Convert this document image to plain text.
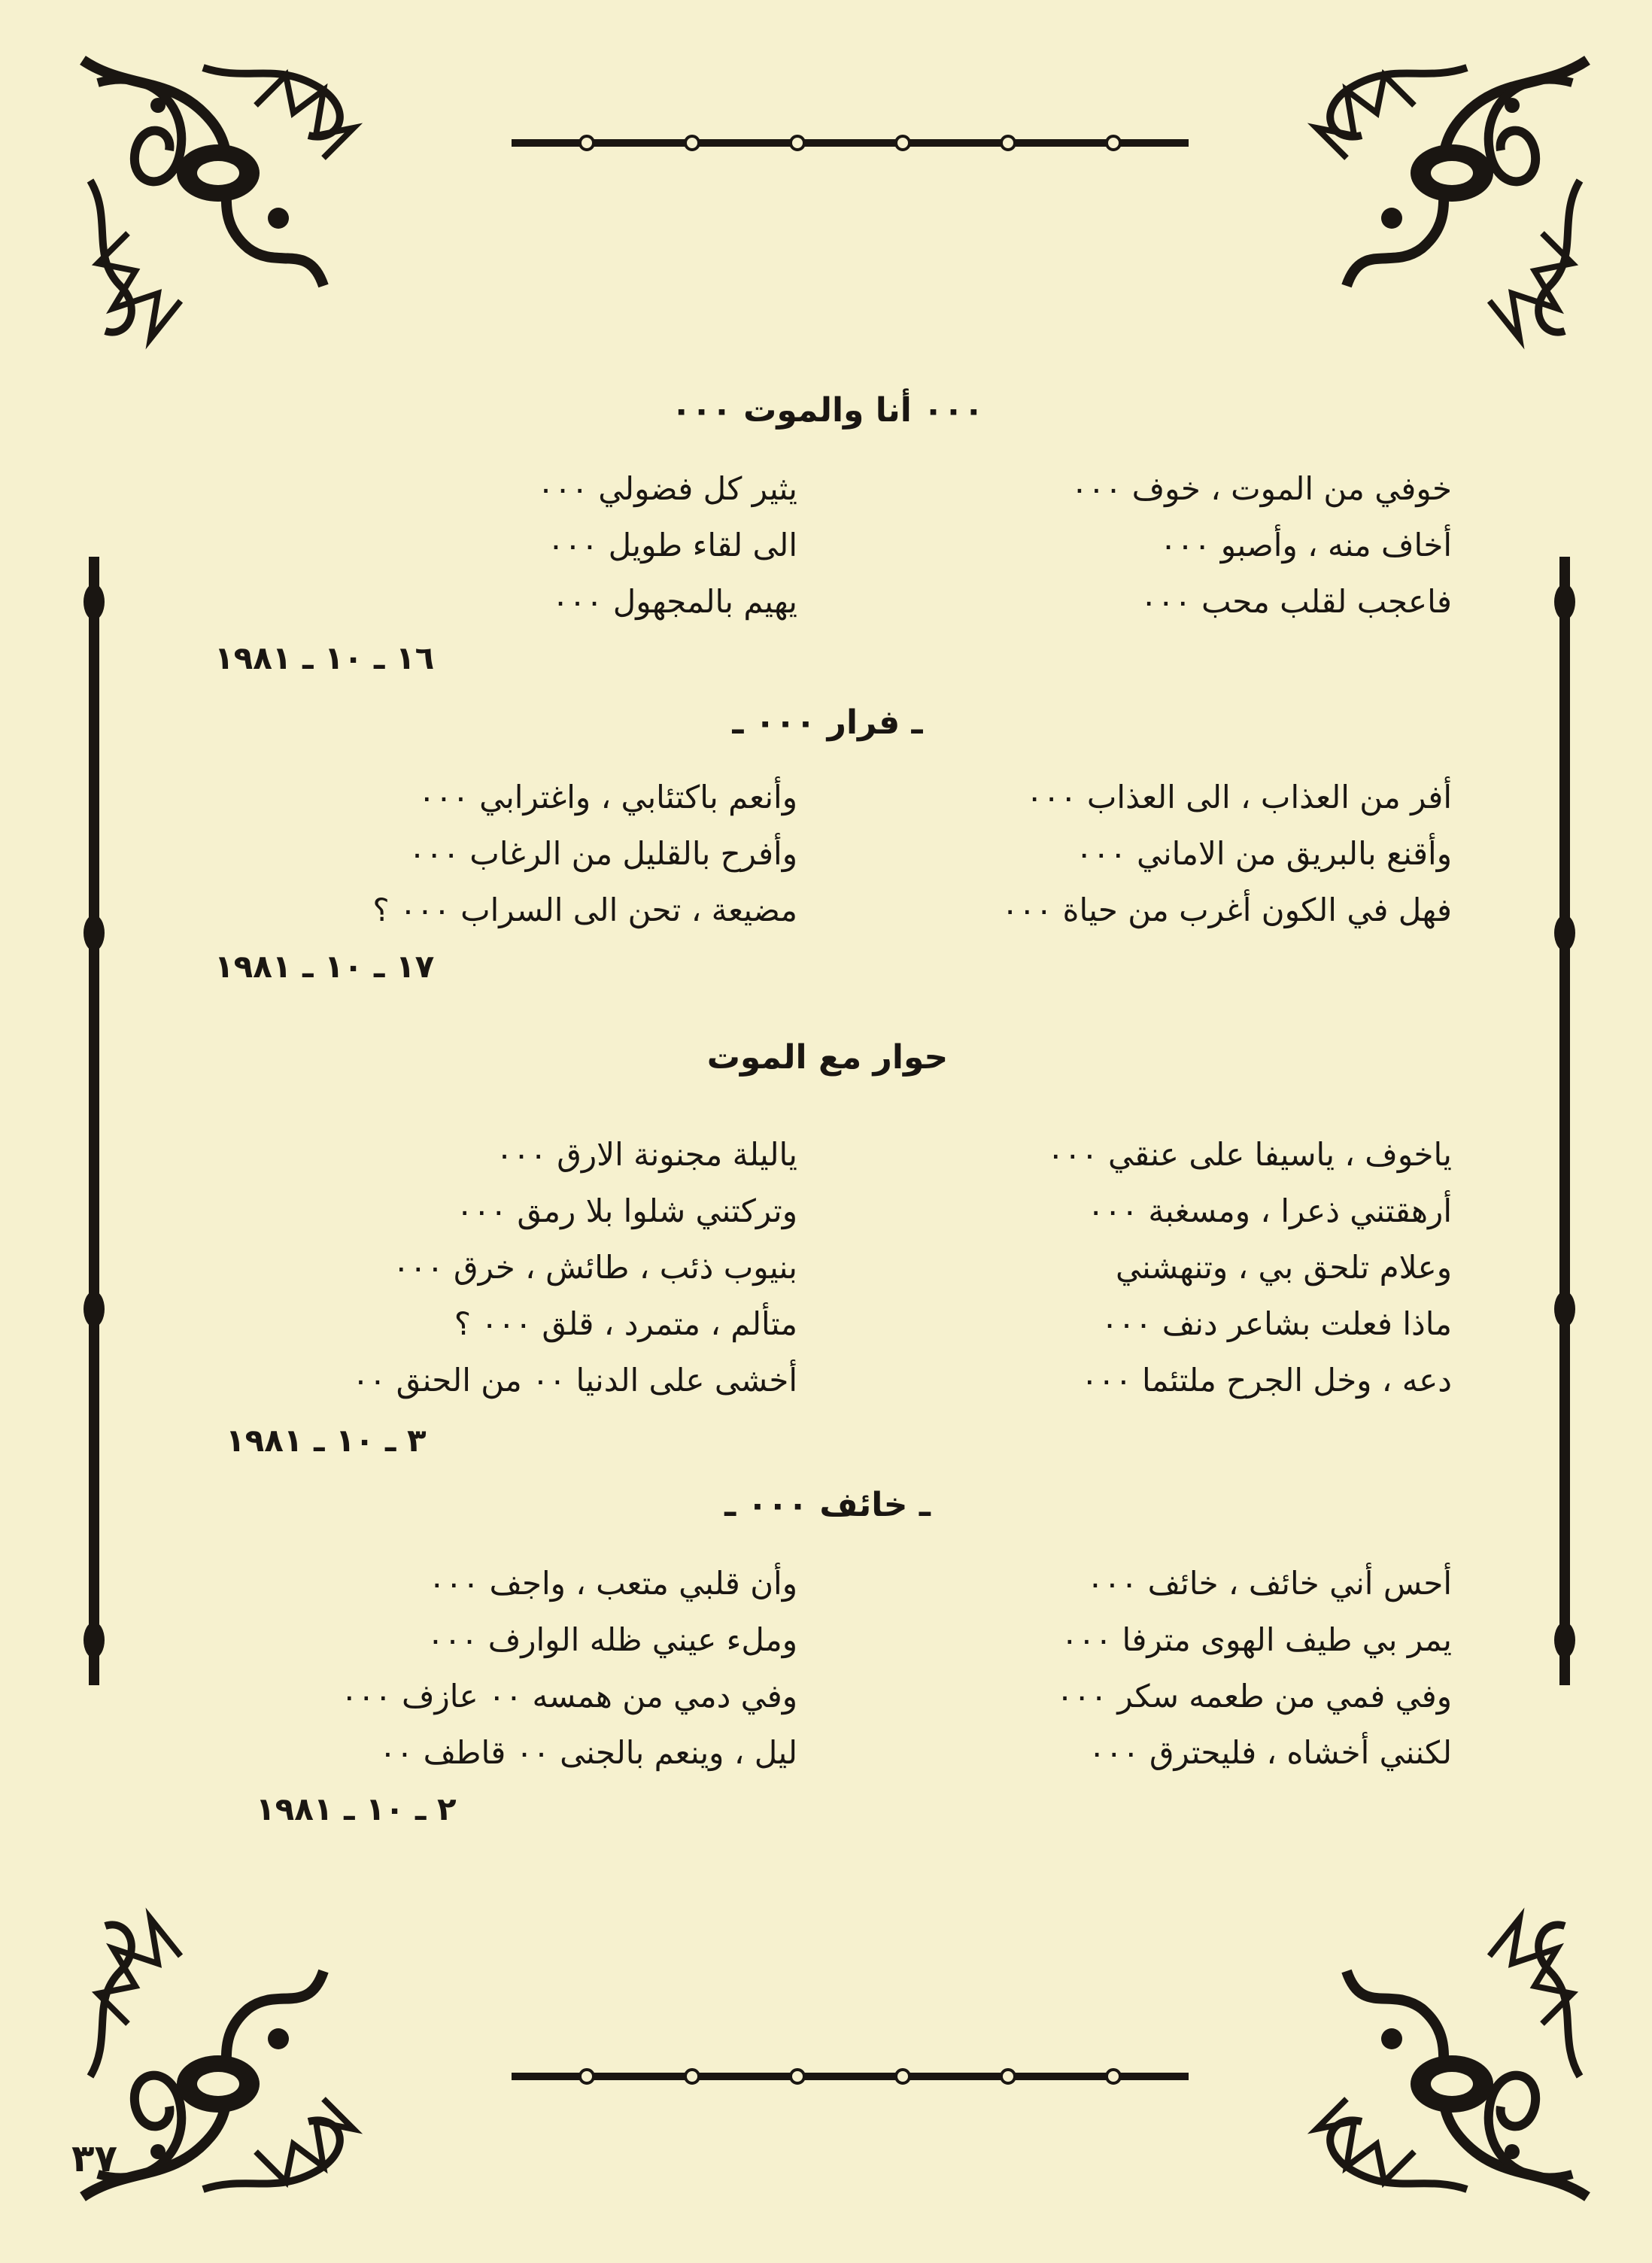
٠٠٠ أنا والموت ٠٠٠
خوفي من الموت ، خوف ٠٠٠
يثير كل فضولي ٠٠٠
أخاف منه ، وأصبو ٠٠٠
الى لقاء طويل ٠٠٠
فاعجب لقلب محب ٠٠٠
يهيم بالمجهول ٠٠٠
١٦ ـ ١٠ ـ ١٩٨١
ـ فرار ٠٠٠ ـ
أفر من العذاب ، الى العذاب ٠٠٠
وأنعم باكتئابي ، واغترابي ٠٠٠
وأقنع بالبريق من الاماني ٠٠٠
وأفرح بالقليل من الرغاب ٠٠٠
فهل في الكون أغرب من حياة ٠٠٠
مضيعة ، تحن الى السراب ٠٠٠ ؟
١٧ ـ ١٠ ـ ١٩٨١
حوار مع الموت
ياخوف ، ياسيفا على عنقي ٠٠٠
ياليلة مجنونة الارق ٠٠٠
أرهقتني ذعرا ، ومسغبة ٠٠٠
وتركتني شلوا بلا رمق ٠٠٠
وعلام تلحق بي ، وتنهشني
بنيوب ذئب ، طائش ، خرق ٠٠٠
ماذا فعلت بشاعر دنف ٠٠٠
متألم ، متمرد ، قلق ٠٠٠ ؟
دعه ، وخل الجرح ملتئما ٠٠٠
أخشى على الدنيا ٠٠ من الحنق ٠٠
٣ ـ ١٠ ـ ١٩٨١
ـ خائف ٠٠٠ ـ
أحس أني خائف ، خائف ٠٠٠
وأن قلبي متعب ، واجف ٠٠٠
يمر بي طيف الهوى مترفا ٠٠٠
وملء عيني ظله الوارف ٠٠٠
وفي فمي من طعمه سكر ٠٠٠
وفي دمي من همسه ٠٠ عازف ٠٠٠
لكنني أخشاه ، فليحترق ٠٠٠
ليل ، وينعم بالجنى ٠٠ قاطف ٠٠
٢ ـ ١٠ ـ ١٩٨١
٣٧
